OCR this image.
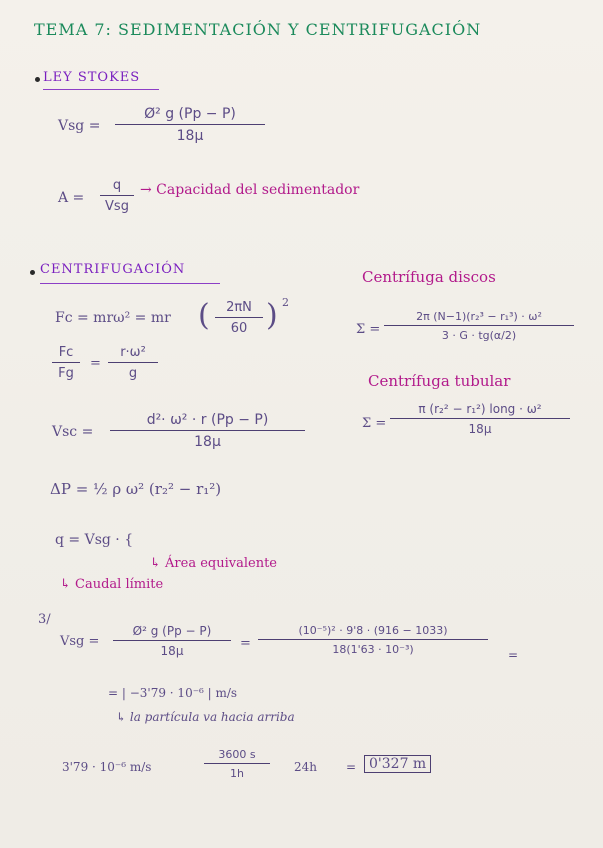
TEMA 7: SEDIMENTACIÓN Y CENTRIFUGACIÓN
LEY STOKES
Vsg =
Ø² g (Pp − P)
18μ
A =
q
Vsg
→ Capacidad del sedimentador
CENTRIFUGACIÓN
Fc = mrω² = mr ( 2πN
60 ) 2
Fc
Fg
=
r·ω²
g
Vsc =
d²· ω² · r (Pp − P)
18μ
ΔP = ½ ρ ω² (r₂² − r₁²)
q = Vsg · {
↳ Área equivalente
↳ Caudal límite
Centrífuga discos
Σ =
2π (N−1)(r₂³ − r₁³) · ω²
3 · G · tg(α/2)
Centrífuga tubular
Σ =
π (r₂² − r₁²) long · ω²
18μ
3/
Vsg =
Ø² g (Pp − P)
18μ	=
(10⁻⁵)² · 9'8 · (916 − 1033)
18(1'63 · 10⁻³)	=
= | −3'79 · 10⁻⁶ | m/s
↳ la partícula va hacia arriba
3'79 · 10⁻⁶ m/s
3600 s
1h	24h = 0'327 m
